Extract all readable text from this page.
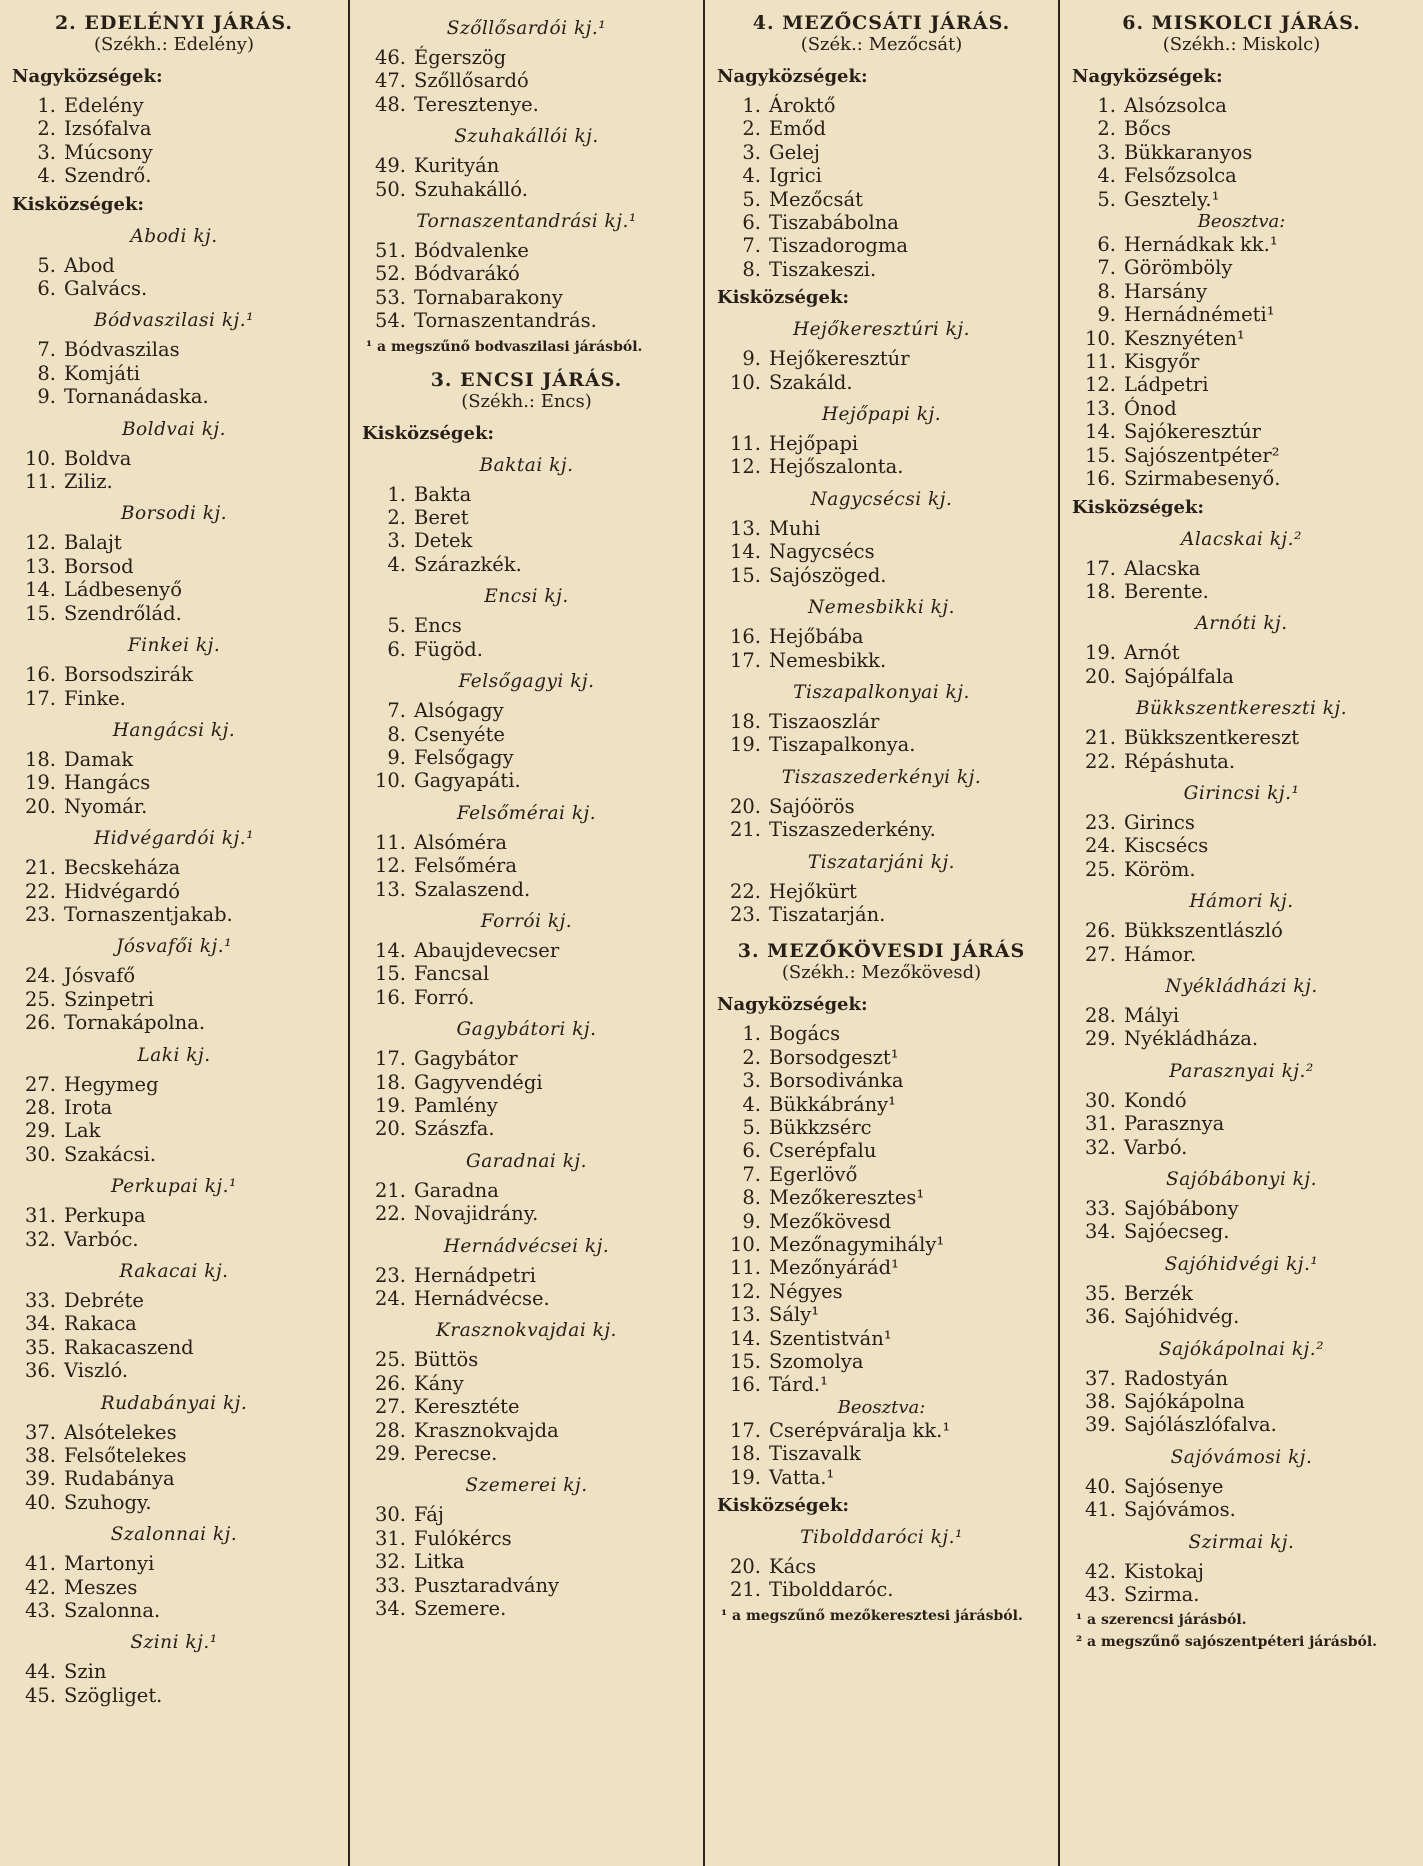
2. EDELÉNYI JÁRÁS.
(Székh.: Edelény)
Nagyközségek:
1. Edelény
2. Izsófalva
3. Múcsony
4. Szendrő.
Kisközségek:
Abodi kj.
5. Abod
6. Galvács.
Bódvaszilasi kj.¹
7. Bódvaszilas
8. Komjáti
9. Tornanádaska.
Boldvai kj.
10. Boldva
11. Ziliz.
Borsodi kj.
12. Balajt
13. Borsod
14. Ládbesenyő
15. Szendrőlád.
Finkei kj.
16. Borsodszirák
17. Finke.
Hangácsi kj.
18. Damak
19. Hangács
20. Nyomár.
Hidvégardói kj.¹
21. Becskeháza
22. Hidvégardó
23. Tornaszentjakab.
Jósvafői kj.¹
24. Jósvafő
25. Szinpetri
26. Tornakápolna.
Laki kj.
27. Hegymeg
28. Irota
29. Lak
30. Szakácsi.
Perkupai kj.¹
31. Perkupa
32. Varbóc.
Rakacai kj.
33. Debréte
34. Rakaca
35. Rakacaszend
36. Viszló.
Rudabányai kj.
37. Alsótelekes
38. Felsőtelekes
39. Rudabánya
40. Szuhogy.
Szalonnai kj.
41. Martonyi
42. Meszes
43. Szalonna.
Szini kj.¹
44. Szin
45. Szögliget.
Szőllősardói kj.¹
46. Égerszög
47. Szőllősardó
48. Teresztenye.
Szuhakállói kj.
49. Kurityán
50. Szuhakálló.
Tornaszentandrási kj.¹
51. Bódvalenke
52. Bódvarákó
53. Tornabarakony
54. Tornaszentandrás.
¹ a megszűnő bodvaszilasi járásból.
3. ENCSI JÁRÁS.
(Székh.: Encs)
Kisközségek:
Baktai kj.
1. Bakta
2. Beret
3. Detek
4. Szárazkék.
Encsi kj.
5. Encs
6. Fügöd.
Felsőgagyi kj.
7. Alsógagy
8. Csenyéte
9. Felsőgagy
10. Gagyapáti.
Felsőmérai kj.
11. Alsóméra
12. Felsőméra
13. Szalaszend.
Forrói kj.
14. Abaujdevecser
15. Fancsal
16. Forró.
Gagybátori kj.
17. Gagybátor
18. Gagyvendégi
19. Pamlény
20. Szászfa.
Garadnai kj.
21. Garadna
22. Novajidrány.
Hernádvécsei kj.
23. Hernádpetri
24. Hernádvécse.
Krasznokvajdai kj.
25. Büttös
26. Kány
27. Keresztéte
28. Krasznokvajda
29. Perecse.
Szemerei kj.
30. Fáj
31. Fulókércs
32. Litka
33. Pusztaradvány
34. Szemere.
4. MEZŐCSÁTI JÁRÁS.
(Szék.: Mezőcsát)
Nagyközségek:
1. Ároktő
2. Emőd
3. Gelej
4. Igrici
5. Mezőcsát
6. Tiszabábolna
7. Tiszadorogma
8. Tiszakeszi.
Kisközségek:
Hejőkeresztúri kj.
9. Hejőkeresztúr
10. Szakáld.
Hejőpapi kj.
11. Hejőpapi
12. Hejőszalonta.
Nagycsécsi kj.
13. Muhi
14. Nagycsécs
15. Sajószöged.
Nemesbikki kj.
16. Hejőbába
17. Nemesbikk.
Tiszapalkonyai kj.
18. Tiszaoszlár
19. Tiszapalkonya.
Tiszaszederkényi kj.
20. Sajóörös
21. Tiszaszederkény.
Tiszatarjáni kj.
22. Hejőkürt
23. Tiszatarján.
3. MEZŐKÖVESDI JÁRÁS
(Székh.: Mezőkövesd)
Nagyközségek:
1. Bogács
2. Borsodgeszt¹
3. Borsodivánka
4. Bükkábrány¹
5. Bükkzsérc
6. Cserépfalu
7. Egerlövő
8. Mezőkeresztes¹
9. Mezőkövesd
10. Mezőnagymihály¹
11. Mezőnyárád¹
12. Négyes
13. Sály¹
14. Szentistván¹
15. Szomolya
16. Tárd.¹
Beosztva:
17. Cserépváralja kk.¹
18. Tiszavalk
19. Vatta.¹
Kisközségek:
Tibolddaróci kj.¹
20. Kács
21. Tibolddaróc.
¹ a megszűnő mezőkeresztesi járásból.
6. MISKOLCI JÁRÁS.
(Székh.: Miskolc)
Nagyközségek:
1. Alsózsolca
2. Bőcs
3. Bükkaranyos
4. Felsőzsolca
5. Gesztely.¹
Beosztva:
6. Hernádkak kk.¹
7. Görömböly
8. Harsány
9. Hernádnémeti¹
10. Kesznyéten¹
11. Kisgyőr
12. Ládpetri
13. Ónod
14. Sajókeresztúr
15. Sajószentpéter²
16. Szirmabesenyő.
Kisközségek:
Alacskai kj.²
17. Alacska
18. Berente.
Arnóti kj.
19. Arnót
20. Sajópálfala
Bükkszentkereszti kj.
21. Bükkszentkereszt
22. Répáshuta.
Girincsi kj.¹
23. Girincs
24. Kiscsécs
25. Köröm.
Hámori kj.
26. Bükkszentlászló
27. Hámor.
Nyékládházi kj.
28. Mályi
29. Nyékládháza.
Parasznyai kj.²
30. Kondó
31. Parasznya
32. Varbó.
Sajóbábonyi kj.
33. Sajóbábony
34. Sajóecseg.
Sajóhidvégi kj.¹
35. Berzék
36. Sajóhidvég.
Sajókápolnai kj.²
37. Radostyán
38. Sajókápolna
39. Sajólászlófalva.
Sajóvámosi kj.
40. Sajósenye
41. Sajóvámos.
Szirmai kj.
42. Kistokaj
43. Szirma.
¹ a szerencsi járásból.
² a megszűnő sajószentpéteri járásból.
